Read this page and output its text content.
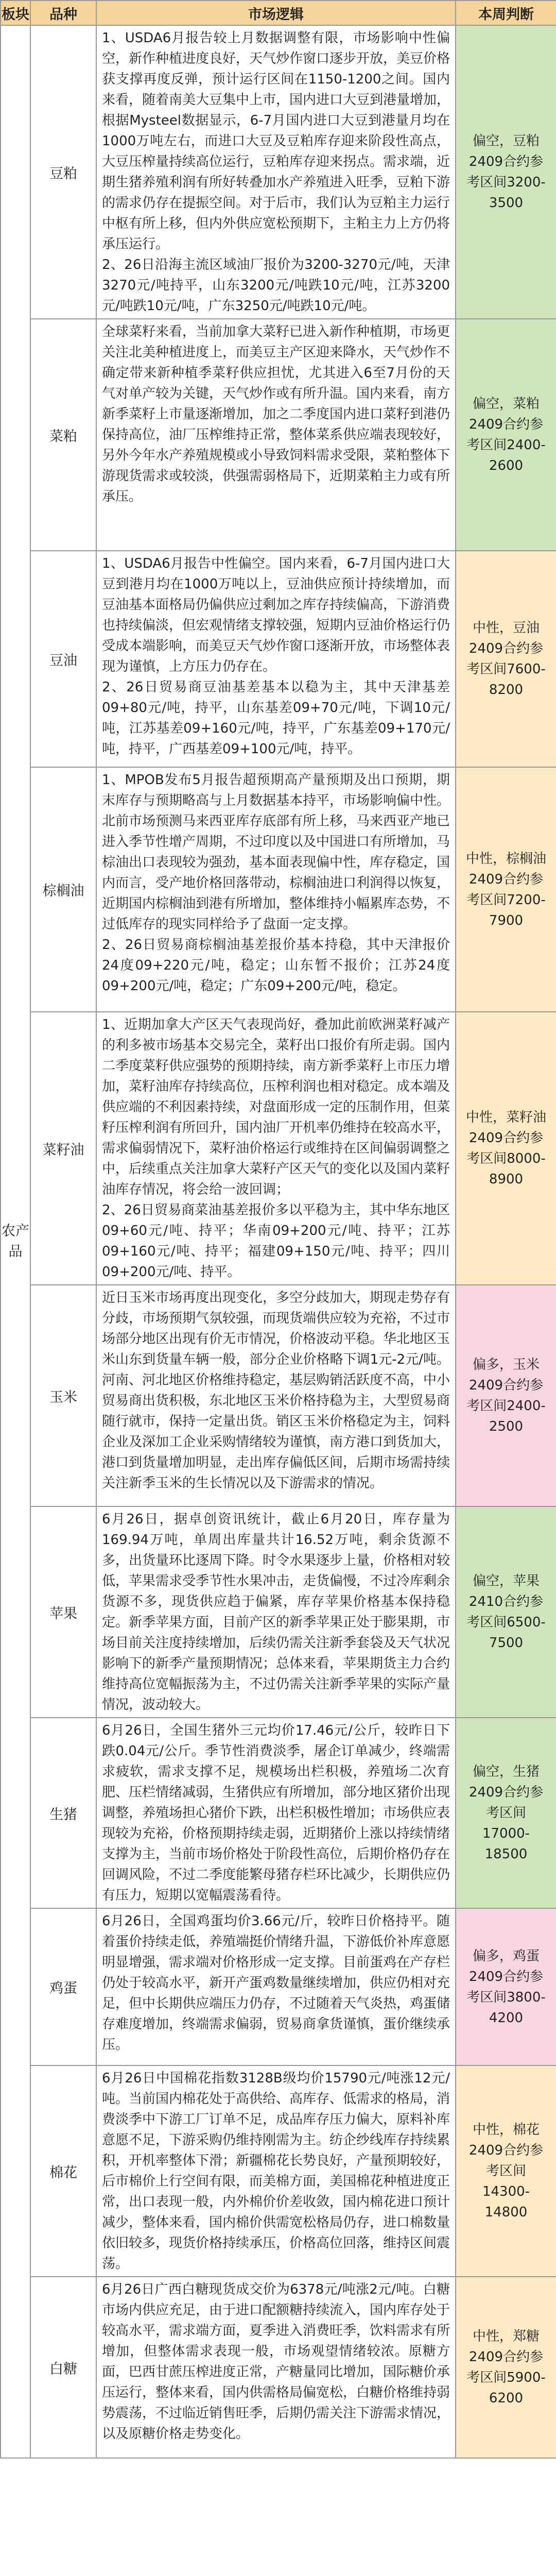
板块	品种	市场逻辑	本周判断
农产品	豆粕	1、USDA6月报告较上月数据调整有限，市场影响中性偏空，新作种植进度良好，天气炒作窗口逐步开放，美豆价格获支撑再度反弹，预计运行区间在1150-1200之间。国内来看，随着南美大豆集中上市，国内进口大豆到港量增加，根据Mysteel数据显示，6-7月国内进口大豆到港量月均在1000万吨左右，而进口大豆及豆粕库存迎来阶段性高点，大豆压榨量持续高位运行，豆粕库存迎来拐点。需求端，近期生猪养殖利润有所好转叠加水产养殖进入旺季，豆粕下游的需求仍存在提振空间。对于后市，我们认为豆粕主力运行中枢有所上移，但内外供应宽松预期下，主粕主力上方仍将承压运行。

2、26日沿海主流区域油厂报价为3200-3270元/吨，天津3270元/吨持平，山东3200元/吨跌10元/吨，江苏3200元/吨跌10元/吨，广东3250元/吨跌10元/吨。	偏空，豆粕2409合约参考区间3200-3500
	菜粕	全球菜籽来看，当前加拿大菜籽已进入新作种植期，市场更关注北美种植进度上，而美豆主产区迎来降水，天气炒作不确定带来新种植季菜籽供应担忧，尤其进入6至7月份的天气对单产较为关键，天气炒作或有所升温。国内来看，南方新季菜籽上市量逐渐增加，加之二季度国内进口菜籽到港仍保持高位，油厂压榨维持正常，整体菜系供应端表现较好，另外今年水产养殖规模或小导致饲料需求受限，菜粕整体下游现货需求或较淡，供强需弱格局下，近期菜粕主力或有所承压。	偏空，菜粕2409合约参考区间2400-2600
	豆油	1、USDA6月报告中性偏空。国内来看，6-7月国内进口大豆到港月均在1000万吨以上，豆油供应预计持续增加，而豆油基本面格局仍偏供应过剩加之库存持续偏高，下游消费也持续偏淡，但宏观情绪支撑较强，短期内豆油价格运行仍受成本端影响，而美豆天气炒作窗口逐渐开放，市场整体表现为谨慎，上方压力仍存在。

2、26日贸易商豆油基差基本以稳为主，其中天津基差09+80元/吨，持平，山东基差09+70元/吨，下调10元/吨，江苏基差09+160元/吨，持平，广东基差09+170元/吨，持平，广西基差09+100元/吨，持平。	中性，豆油2409合约参考区间7600-8200
	棕榈油	1、MPOB发布5月报告超预期高产量预期及出口预期，期末库存与预期略高与上月数据基本持平，市场影响偏中性。北前市场预测马来西亚库存底部有所上移，马来西亚产地已进入季节性增产周期，不过印度以及中国进口有所增加，马棕油出口表现较为强劲，基本面表现偏中性，库存稳定，国内而言，受产地价格回落带动，棕榈油进口利润得以恢复，近期国内棕榈油到港有所增加，整体维持小幅累库态势，不过低库存的现实同样给予了盘面一定支撑。

2、26日贸易商棕榈油基差报价基本持稳，其中天津报价24度09+220元/吨，稳定；山东暂不报价；江苏24度09+200元/吨，稳定；广东09+200元/吨，稳定。	中性，棕榈油2409合约参考区间7200-7900
	菜籽油	1、近期加拿大产区天气表现尚好，叠加此前欧洲菜籽减产的利多被市场基本交易完全，菜籽出口报价有所走弱。国内二季度菜籽供应强势的预期持续，南方新季菜籽上市压力增加，菜籽油库存持续高位，压榨利润也相对稳定。成本端及供应端的不利因素持续，对盘面形成一定的压制作用，但菜籽压榨利润有所回升，国内油厂开机率仍维持在较高水平，需求偏弱情况下，菜籽油价格运行或维持在区间偏弱调整之中，后续重点关注加拿大菜籽产区天气的变化以及国内菜籽油库存情况，将会给一波回调；

2、26日贸易商菜油基差报价多以平稳为主，其中华东地区09+60元/吨、持平；华南09+200元/吨、持平；江苏09+160元/吨、持平；福建09+150元/吨、持平；四川09+200元/吨、持平。	中性，菜籽油2409合约参考区间8000-8900
	玉米	近日玉米市场再度出现变化，多空分歧加大，期现走势存有分歧，市场预期气氛较强，而现货端供应较为充裕，不过市场部分地区出现有价无市情况，价格波动平稳。华北地区玉米山东到货量车辆一般，部分企业价格略下调1元-2元/吨。河南、河北地区价格维持稳定，基层购销活跃度不高，中小贸易商出货积极，东北地区玉米价格持稳为主，大型贸易商随行就市，保持一定量出货。销区玉米价格稳定为主，饲料企业及深加工企业采购情绪较为谨慎，南方港口到货加大，港口到货量增加明显，走出库存偏低区间，后期市场需持续关注新季玉米的生长情况以及下游需求的情况。	偏多，玉米2409合约参考区间2400-2500
	苹果	6月26日，据卓创资讯统计，截止6月20日，库存量为169.94万吨，单周出库量共计16.52万吨，剩余货源不多，出货量环比逐周下降。时令水果逐步上量，价格相对较低，苹果需求受季节性水果冲击，走货偏慢，不过冷库剩余货源不多，现货供应趋于偏紧，库存苹果价格基本保持稳定。新季苹果方面，目前产区的新季苹果正处于膨果期，市场目前关注度持续增加，后续仍需关注新季套袋及天气状况影响下的新季产量预期情况；总体来看，苹果期货主力合约维持高位宽幅振荡为主，不过仍需关注新季苹果的实际产量情况，波动较大。	偏空，苹果2410合约参考区间6500-7500
	生猪	6月26日，全国生猪外三元均价17.46元/公斤，较昨日下跌0.04元/公斤。季节性消费淡季，屠企订单减少，终端需求疲软，需求支撑不足，规模场出栏积极，养殖场二次育肥、压栏情绪减弱，生猪供应有所增加，部分地区猪价出现调整，养殖场担心猪价下跌，出栏积极性增加；市场供应表现较为充裕，价格预期持续走弱，近期猪价上涨以持续情绪支撑为主，当前市场价格处于阶段性高位，后期价格仍存在回调风险，不过二季度能繁母猪存栏环比减少，长期供应仍有压力，短期以宽幅震荡看待。	偏空，生猪2409合约参考区间17000-18500
	鸡蛋	6月26日，全国鸡蛋均价3.66元/斤，较昨日价格持平。随着蛋价持续走低，养殖端挺价情绪升温，下游低价补库意愿明显增强，需求端对价格形成一定支撑。目前蛋鸡在产存栏仍处于较高水平，新开产蛋鸡数量继续增加，供应仍相对充足，但中长期供应端压力仍存，不过随着天气炎热，鸡蛋储存难度增加，终端需求偏弱，贸易商拿货谨慎，蛋价继续承压。	偏多，鸡蛋2409合约参考区间3800-4200
	棉花	6月26日中国棉花指数3128B级均价15790元/吨涨12元/吨。当前国内棉花处于高供给、高库存、低需求的格局，消费淡季中下游工厂订单不足，成品库存压力偏大，原料补库意愿不足，下游采购仍维持刚需为主。纺企纱线库存持续累积，开机率整体下滑；新疆棉花长势良好，产量预期较好，后市棉价上行空间有限，而美棉方面，美国棉花种植进度正常，出口表现一般，内外棉价价差收敛，国内棉花进口预计减少，整体来看，国内棉价供需宽松格局仍存，进口棉数量依旧较多，现货价格持续承压，价格高位回落，维持区间震荡。	中性，棉花2409合约参考区间14300-14800
	白糖	6月26日广西白糖现货成交价为6378元/吨涨2元/吨。白糖市场内供应充足，由于进口配额糖持续流入，国内库存处于较高水平，需求端方面，夏季进入消费旺季，饮料需求有所增加，但整体需求表现一般，市场观望情绪较浓。原糖方面，巴西甘蔗压榨进度正常，产糖量同比增加，国际糖价承压运行，整体来看，国内供需格局偏宽松，白糖价格维持弱势震荡，不过临近销售旺季，后期仍需关注下游需求情况，以及原糖价格走势变化。	中性，郑糖2409合约参考区间5900-6200
